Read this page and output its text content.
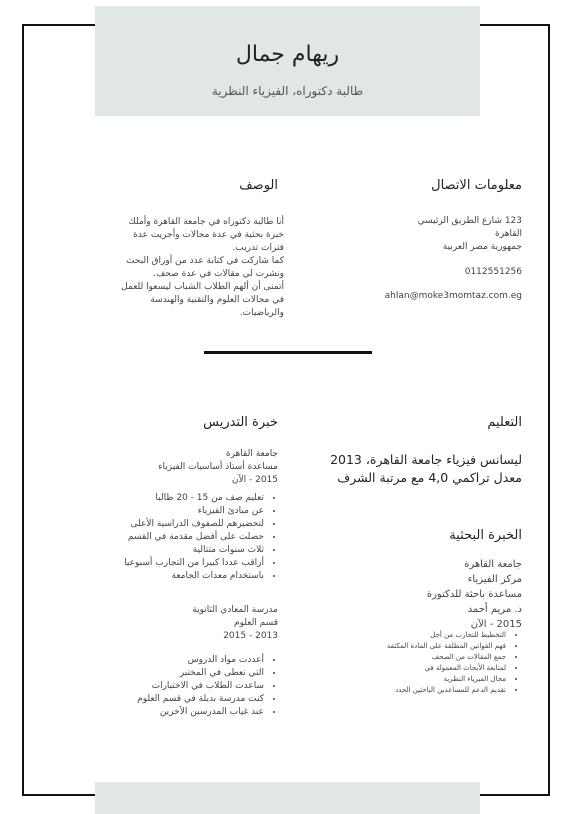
ريهام جمال
طالبة دكتوراه، الفيزياء النظرية
معلومات الاتصال
123 شارع الطريق الرئيسي
القاهرة
جمهورية مصر العربية
0112551256
ahlan@moke3momtaz.com.eg
الوصف
أنا طالبة دكتوراه في جامعة القاهرة وأملك خبرة بحثية في عدة مجالات وأجريت عدة فترات تدريب.
كما شاركت في كتابة عدد من أوراق البحث ونشرت لي مقالات في عدة صحف.
أتمنى أن ألهم الطلاب الشباب ليسعوا للعمل في مجالات العلوم والتقنية والهندسة والرياضيات.
التعليم
ليسانس فيزياء جامعة القاهرة، 2013
معدل تراكمي 4,0 مع مرتبة الشرف
الخبرة البحثية
جامعة القاهرة
مركز الفيزياء
مساعدة باحثة للدكتورة
د. مريم أحمد
2015 - الآن
• التخطيط للتجارب من أجل
• فهم القوانين المطلقة على المادة المكثفة
• جمع المقالات من الصحف
• لمتابعة الأبحاث المعمولة في
• مجال الفيزياء النظرية
• تقديم الدعم للمساعدين الباحثين الجدد
خبرة التدريس
جامعة القاهرة
مساعدة أستاذ أساسيات الفيزياء
2015 - الآن
• تعليم صف من 15 - 20 طالبا
• عن مبادئ الفيزياء
• لتحضيرهم للصفوف الدراسية الأعلى
• حصلت على أفضل مقدمة في القسم
• ثلاث سنوات متتالية
• أراقب عددا كبيرا من التجارب أسبوعيا
• باستخدام معدات الجامعة
مدرسة المعادي الثانوية
قسم العلوم
2013 - 2015
• أعددت مواد الدروس
• التي تعطى في المختبر
• ساعدت الطلاب في الاختبارات
• كنت مدرسة بديلة في قسم العلوم
• عند غياب المدرسين الآخرين
